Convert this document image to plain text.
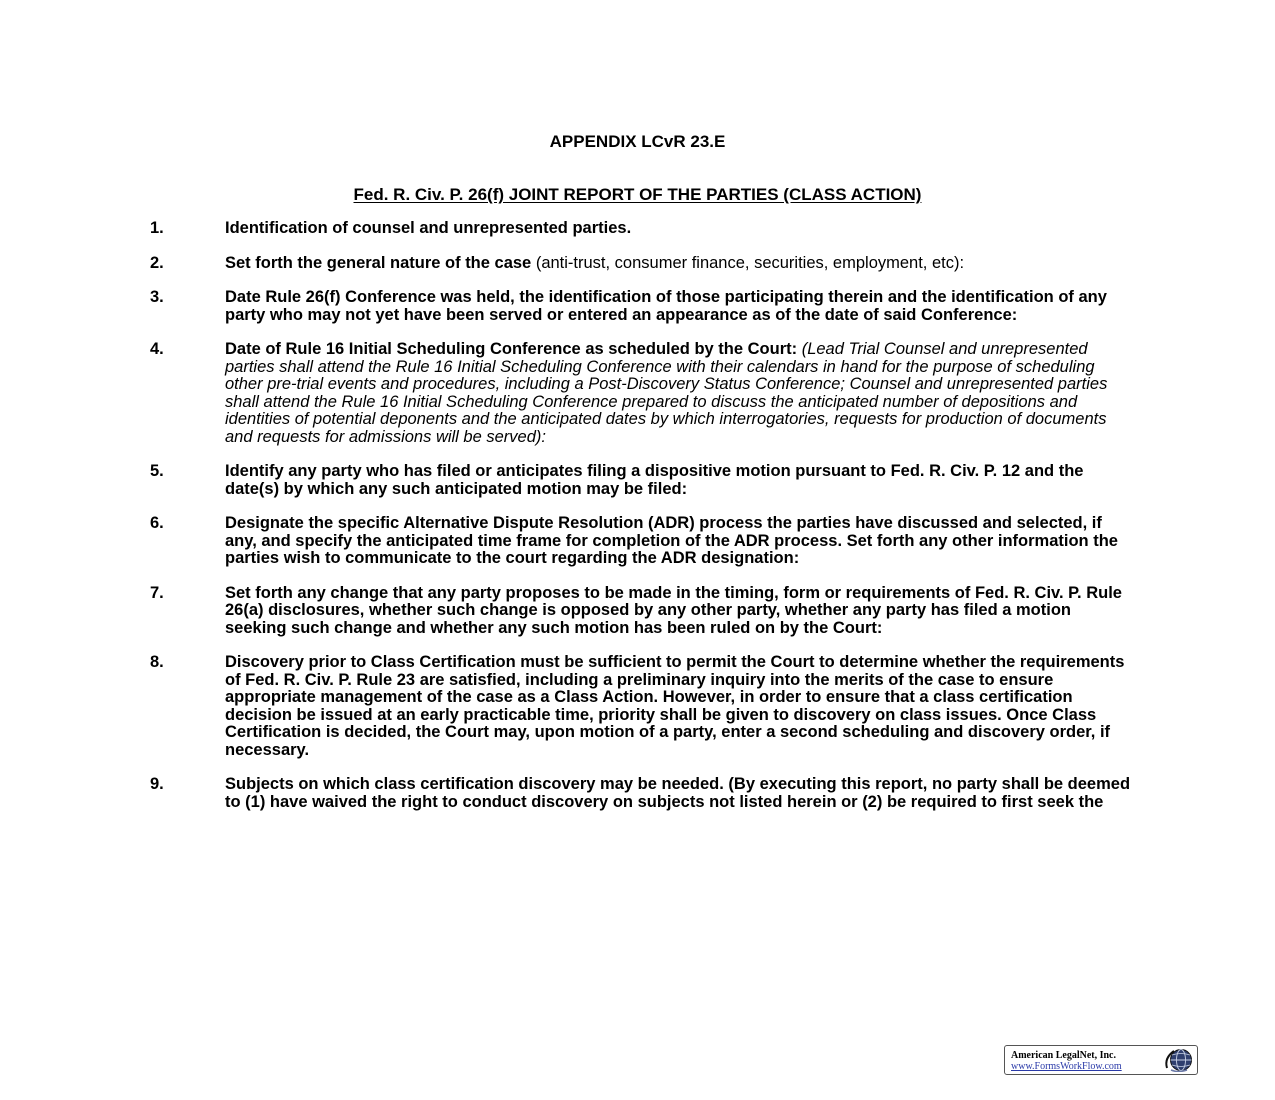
APPENDIX LCvR 23.E
Fed. R. Civ. P. 26(f) JOINT REPORT OF THE PARTIES (CLASS ACTION)
1.	Identification of counsel and unrepresented parties.
2.	Set forth the general nature of the case (anti-trust, consumer finance, securities, employment, etc):
3.	Date Rule 26(f) Conference was held, the identification of those participating therein and the identification of any party who may not yet have been served or entered an appearance as of the date of said Conference:
4.	Date of Rule 16 Initial Scheduling Conference as scheduled by the Court: (Lead Trial Counsel and unrepresented parties shall attend the Rule 16 Initial Scheduling Conference with their calendars in hand for the purpose of scheduling other pre-trial events and procedures, including a Post-Discovery Status Conference; Counsel and unrepresented parties shall attend the Rule 16 Initial Scheduling Conference prepared to discuss the anticipated number of depositions and identities of potential deponents and the anticipated dates by which interrogatories, requests for production of documents and requests for admissions will be served):
5.	Identify any party who has filed or anticipates filing a dispositive motion pursuant to Fed. R. Civ. P. 12 and the date(s) by which any such anticipated motion may be filed:
6.	Designate the specific Alternative Dispute Resolution (ADR) process the parties have discussed and selected, if any, and specify the anticipated time frame for completion of the ADR process. Set forth any other information the parties wish to communicate to the court regarding the ADR designation:
7.	Set forth any change that any party proposes to be made in the timing, form or requirements of Fed. R. Civ. P. Rule 26(a) disclosures, whether such change is opposed by any other party, whether any party has filed a motion seeking such change and whether any such motion has been ruled on by the Court:
8.	Discovery prior to Class Certification must be sufficient to permit the Court to determine whether the requirements of Fed. R. Civ. P. Rule 23 are satisfied, including a preliminary inquiry into the merits of the case to ensure appropriate management of the case as a Class Action. However, in order to ensure that a class certification decision be issued at an early practicable time, priority shall be given to discovery on class issues. Once Class Certification is decided, the Court may, upon motion of a party, enter a second scheduling and discovery order, if necessary.
9.	Subjects on which class certification discovery may be needed. (By executing this report, no party shall be deemed to (1) have waived the right to conduct discovery on subjects not listed herein or (2) be required to first seek the
American LegalNet, Inc.
www.FormsWorkFlow.com
